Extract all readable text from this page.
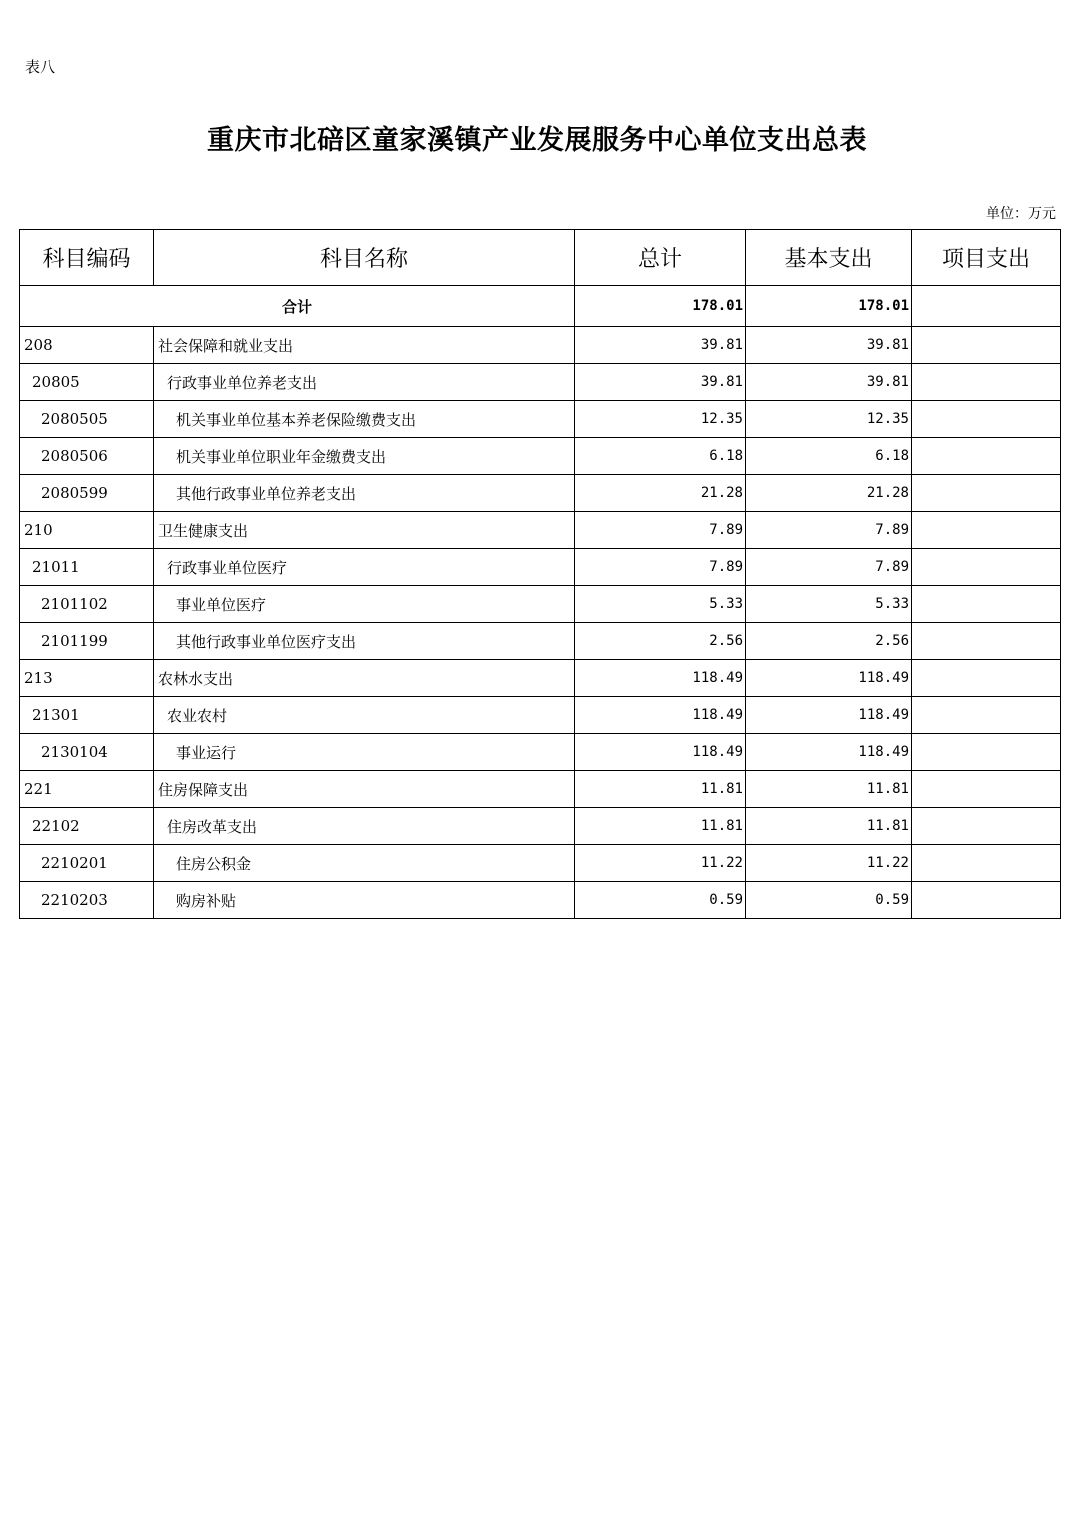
表八
重庆市北碚区童家溪镇产业发展服务中心单位支出总表
单位：万元
科目编码	科目名称	总计	基本支出	项目支出
合计		178.01	178.01	
208	社会保障和就业支出	39.81	39.81	
20805	行政事业单位养老支出	39.81	39.81	
2080505	机关事业单位基本养老保险缴费支出	12.35	12.35	
2080506	机关事业单位职业年金缴费支出	6.18	6.18	
2080599	其他行政事业单位养老支出	21.28	21.28	
210	卫生健康支出	7.89	7.89	
21011	行政事业单位医疗	7.89	7.89	
2101102	事业单位医疗	5.33	5.33	
2101199	其他行政事业单位医疗支出	2.56	2.56	
213	农林水支出	118.49	118.49	
21301	农业农村	118.49	118.49	
2130104	事业运行	118.49	118.49	
221	住房保障支出	11.81	11.81	
22102	住房改革支出	11.81	11.81	
2210201	住房公积金	11.22	11.22	
2210203	购房补贴	0.59	0.59	
